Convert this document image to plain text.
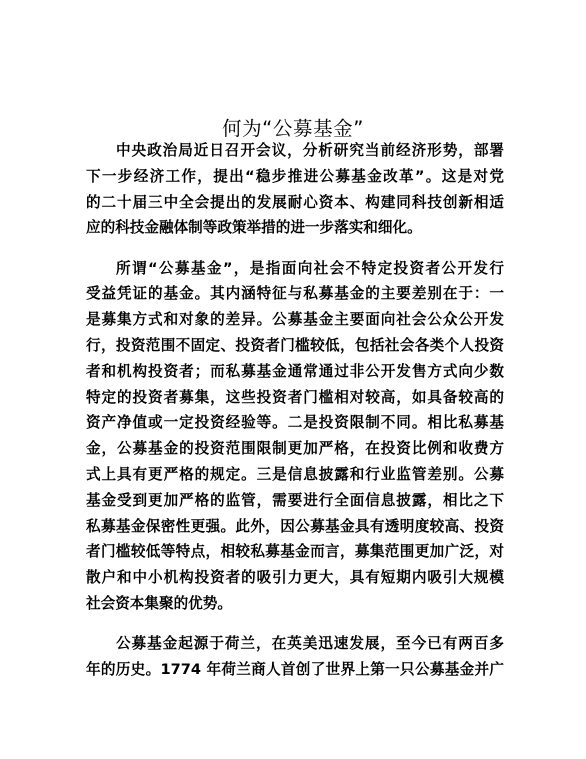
何为“公募基金”
中央政治局近日召开会议，分析研究当前经济形势，部署
下一步经济工作，提出“稳步推进公募基金改革”。这是对党
的二十届三中全会提出的发展耐心资本、构建同科技创新相适
应的科技金融体制等政策举措的进一步落实和细化。
所谓“公募基金”，是指面向社会不特定投资者公开发行
受益凭证的基金。其内涵特征与私募基金的主要差别在于：一
是募集方式和对象的差异。公募基金主要面向社会公众公开发
行，投资范围不固定、投资者门槛较低，包括社会各类个人投资
者和机构投资者；而私募基金通常通过非公开发售方式向少数
特定的投资者募集，这些投资者门槛相对较高，如具备较高的
资产净值或一定投资经验等。二是投资限制不同。相比私募基
金，公募基金的投资范围限制更加严格，在投资比例和收费方
式上具有更严格的规定。三是信息披露和行业监管差别。公募
基金受到更加严格的监管，需要进行全面信息披露，相比之下
私募基金保密性更强。此外，因公募基金具有透明度较高、投资
者门槛较低等特点，相较私募基金而言，募集范围更加广泛，对
散户和中小机构投资者的吸引力更大，具有短期内吸引大规模
社会资本集聚的优势。
公募基金起源于荷兰，在英美迅速发展，至今已有两百多
年的历史。1774 年荷兰商人首创了世界上第一只公募基金并广
